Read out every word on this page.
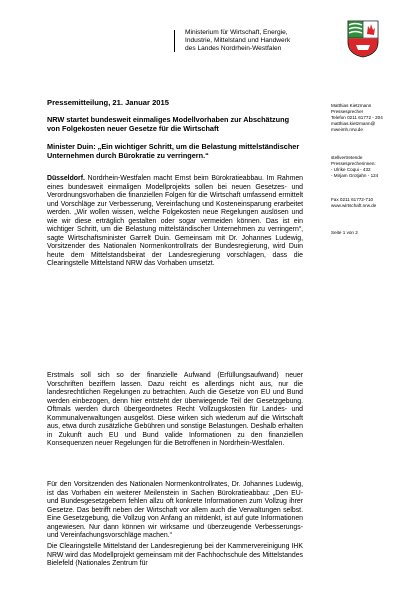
Ministerium für Wirtschaft, Energie,
Industrie, Mittelstand und Handwerk
des Landes Nordrhein-Westfalen
Pressemitteilung, 21. Januar 2015
NRW startet bundesweit einmaliges Modellvorhaben zur Abschätzung von Folgekosten neuer Gesetze für die Wirtschaft
Minister Duin: „Ein wichtiger Schritt, um die Belastung mittelständischer Unternehmen durch Bürokratie zu verringern.“
Düsseldorf. Nordrhein-Westfalen macht Ernst beim Bürokratieabbau. Im Rahmen eines bundesweit einmaligen Modellprojekts sollen bei neuen Gesetzes- und Verordnungsvorhaben die finanziellen Folgen für die Wirtschaft umfassend ermittelt und Vorschläge zur Verbesserung, Vereinfachung und Kosteneinsparung erarbeitet werden. „Wir wollen wissen, welche Folgekosten neue Regelungen auslösen und wie wir diese erträglich gestalten oder sogar vermeiden können. Das ist ein wichtiger Schritt, um die Belastung mittelständischer Unternehmen zu verringern“, sagte Wirtschaftsminister Garrelt Duin. Gemeinsam mit Dr. Johannes Ludewig, Vorsitzender des Nationalen Normenkontrollrats der Bundesregierung, wird Duin heute dem Mittelstandsbeirat der Landesregierung vorschlagen, dass die Clearingstelle Mittelstand NRW das Vorhaben umsetzt.
Erstmals soll sich so der finanzielle Aufwand (Erfüllungsaufwand) neuer Vorschriften beziffern lassen. Dazu reicht es allerdings nicht aus, nur die landesrechtlichen Regelungen zu betrachten. Auch die Gesetze von EU und Bund werden einbezogen, denn hier entsteht der überwiegende Teil der Gesetzgebung. Oftmals werden durch übergeordnetes Recht Vollzugskosten für Landes- und Kommunalverwaltungen ausgelöst. Diese wirken sich wiederum auf die Wirtschaft aus, etwa durch zusätzliche Gebühren und sonstige Belastungen. Deshalb erhalten in Zukunft auch EU und Bund valide Informationen zu den finanziellen Konsequenzen neuer Regelungen für die Betroffenen in Nordrhein-Westfalen.
Für den Vorsitzenden des Nationalen Normenkontrollrates, Dr. Johannes Ludewig, ist das Vorhaben ein weiterer Meilenstein in Sachen Bürokratieabbau: „Den EU- und Bundesgesetzgebern fehlen allzu oft konkrete Informationen zum Vollzug ihrer Gesetze. Das betrifft neben der Wirtschaft vor allem auch die Verwaltungen selbst. Eine Gesetzgebung, die Vollzug von Anfang an mitdenkt, ist auf gute Informationen angewiesen. Nur dann können wir wirksame und überzeugende Verbesserungs- und Vereinfachungsvorschläge machen.“
Die Clearingstelle Mittelstand der Landesregierung bei der Kammervereinigung IHK NRW wird das Modellprojekt gemeinsam mit der Fachhochschule des Mittelstandes Bielefeld (Nationales Zentrum für
Matthias Kietzmann
Pressesprecher
Telefon 0211 61772 - 204
matthias.kietzmann@
mweimh.nrw.de
stellvertretende
Pressesprecherinnen:
- Ulrike Coqui - 432
- Mirjam Grotjahn - 124
Fax 0211 61772-710
www.wirtschaft.nrw.de
Seite 1 von 2
